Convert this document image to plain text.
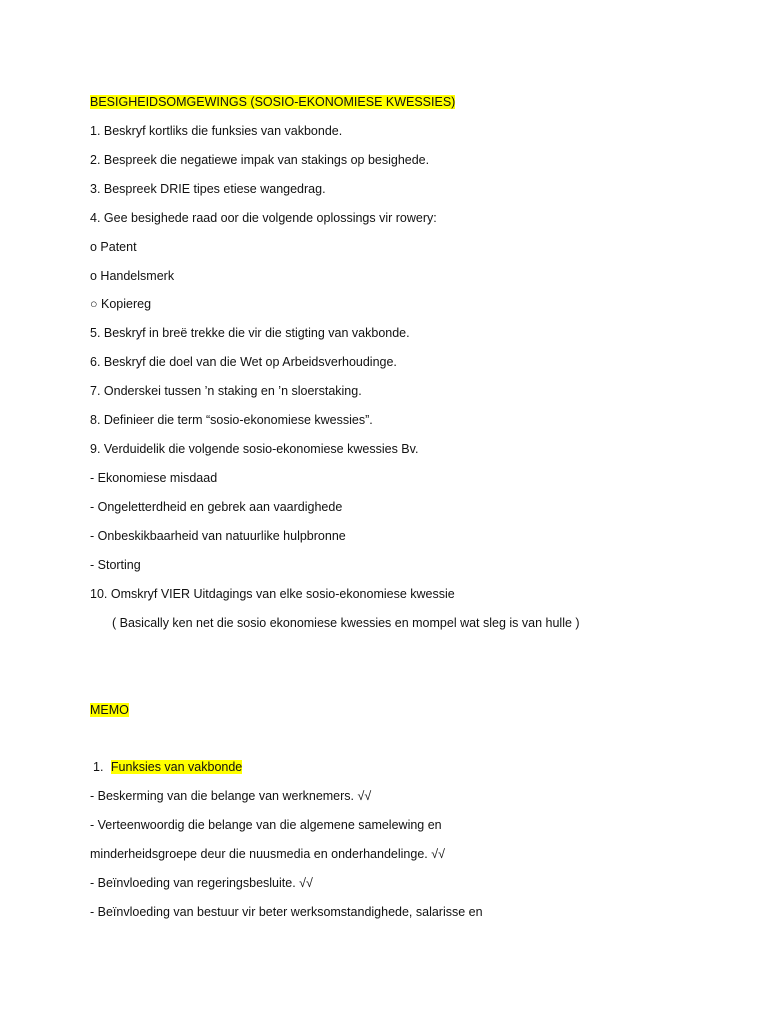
BESIGHEIDSOMGEWINGS (SOSIO-EKONOMIESE KWESSIES)
1. Beskryf kortliks die funksies van vakbonde.
2. Bespreek die negatiewe impak van stakings op besighede.
3. Bespreek DRIE tipes etiese wangedrag.
4. Gee besighede raad oor die volgende oplossings vir rowery:
o Patent
o Handelsmerk
○ Kopiereg
5. Beskryf in breë trekke die vir die stigting van vakbonde.
6. Beskryf die doel van die Wet op Arbeidsverhoudinge.
7. Onderskei tussen ’n staking en ’n sloerstaking.
8. Definieer die term “sosio-ekonomiese kwessies”.
9. Verduidelik die volgende sosio-ekonomiese kwessies Bv.
- Ekonomiese misdaad
- Ongeletterdheid en gebrek aan vaardighede
- Onbeskikbaarheid van natuurlike hulpbronne
- Storting
10. Omskryf VIER Uitdagings van elke sosio-ekonomiese kwessie
( Basically ken net die sosio ekonomiese kwessies en mompel wat sleg is van hulle )
MEMO
1. Funksies van vakbonde
- Beskerming van die belange van werknemers. √√
- Verteenwoordig die belange van die algemene samelewing en
minderheidsgroepe deur die nuusmedia en onderhandelinge. √√
- Beïnvloeding van regeringsbesluite. √√
- Beïnvloeding van bestuur vir beter werksomstandighede, salarisse en
